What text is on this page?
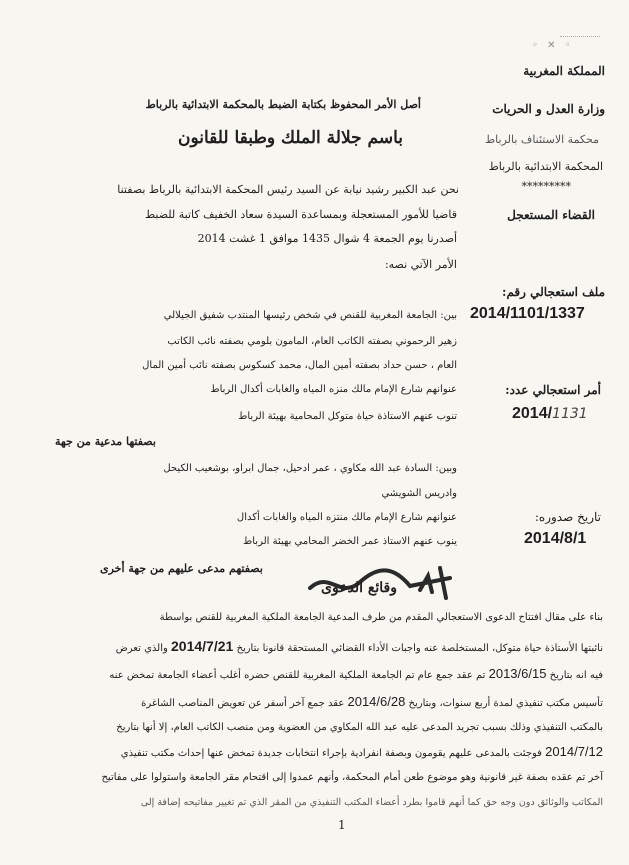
◦ ✕ ◦
أصل الأمر المحفوظ بكتابة الضبط بالمحكمة الابتدائية بالرباط
المملكة المغربية
وزارة العدل و الحريات
محكمة الاستئناف بالرباط
المحكمة الابتدائية بالرباط
*********
القضاء المستعجل
باسم جلالة الملك وطبقا للقانون
نحن عبد الكبير رشيد نيابة عن السيد رئيس المحكمة الابتدائية بالرباط بصفتنا
قاضيا للأمور المستعجلة وبمساعدة السيدة سعاد الخفيف كاتبة للضبط
أصدرنا يوم الجمعة 4 شوال 1435 موافق 1 غشت 2014
الأمر الآتي نصه:
ملف استعجالي رقم:
2014/1101/1337
أمر استعجالي عدد:
2014/1131
تاريخ صدوره:
2014/8/1
بين: الجامعة المغربية للقنص في شخص رئيسها المنتدب شفيق الجيلالي
زهير الرحموني بصفته الكاتب العام، المامون بلومي بصفته نائب الكاتب
العام ، حسن حداد بصفته أمين المال، محمد كسكوس بصفته نائب أمين المال
عنوانهم شارع الإمام مالك منزه المياه والغابات أكدال الرباط
تنوب عنهم الاستاذة حياة متوكل المحامية بهيئة الرباط
بصفتها مدعية من جهة
وبين: السادة عبد الله مكاوي ، عمر ادحيل، جمال ابراو، بوشعيب الكيحل
وادريس الشويشي
عنوانهم شارع الإمام مالك منتزه المياه والغابات أكدال
ينوب عنهم الاستاذ عمر الخضر المحامي بهيئة الرباط
بصفتهم مدعى عليهم من جهة أخرى
وقائع الدعوى
بناء على مقال افتتاح الدعوى الاستعجالي المقدم من طرف المدعية الجامعة الملكية المغربية للقنص بواسطة
نائبتها الأستاذة حياة متوكل، المستخلصة عنه واجبات الأداء القضائي المستحقة قانونا بتاريخ 2014/7/21 والذي تعرض
فيه انه بتاريخ 2013/6/15 تم عقد جمع عام تم الجامعة الملكية المغربية للقنص حضره أغلب أعضاء الجامعة تمخض عنه
تأسيس مكتب تنفيذي لمدة أربع سنوات، وبتاريخ 2014/6/28 عقد جمع آخر أسفر عن تعويض المناصب الشاغرة
بالمكتب التنفيذي وذلك بسبب تجريد المدعى عليه عبد الله المكاوي من العضوية ومن منصب الكاتب العام، إلا أنها بتاريخ
2014/7/12 فوجئت بالمدعى عليهم يقومون وبصفة انفرادية بإجراء انتخابات جديدة تمخض عنها إحداث مكتب تنفيذي
آخر تم عقده بصفة غير قانونية وهو موضوع طعن أمام المحكمة، وأنهم عمدوا إلى اقتحام مقر الجامعة واستولوا على مفاتيح
المكاتب والوثائق دون وجه حق كما أنهم قاموا بطرد أعضاء المكتب التنفيذي من المقر الذي تم تغيير مفاتيحه إضافة إلى
1
